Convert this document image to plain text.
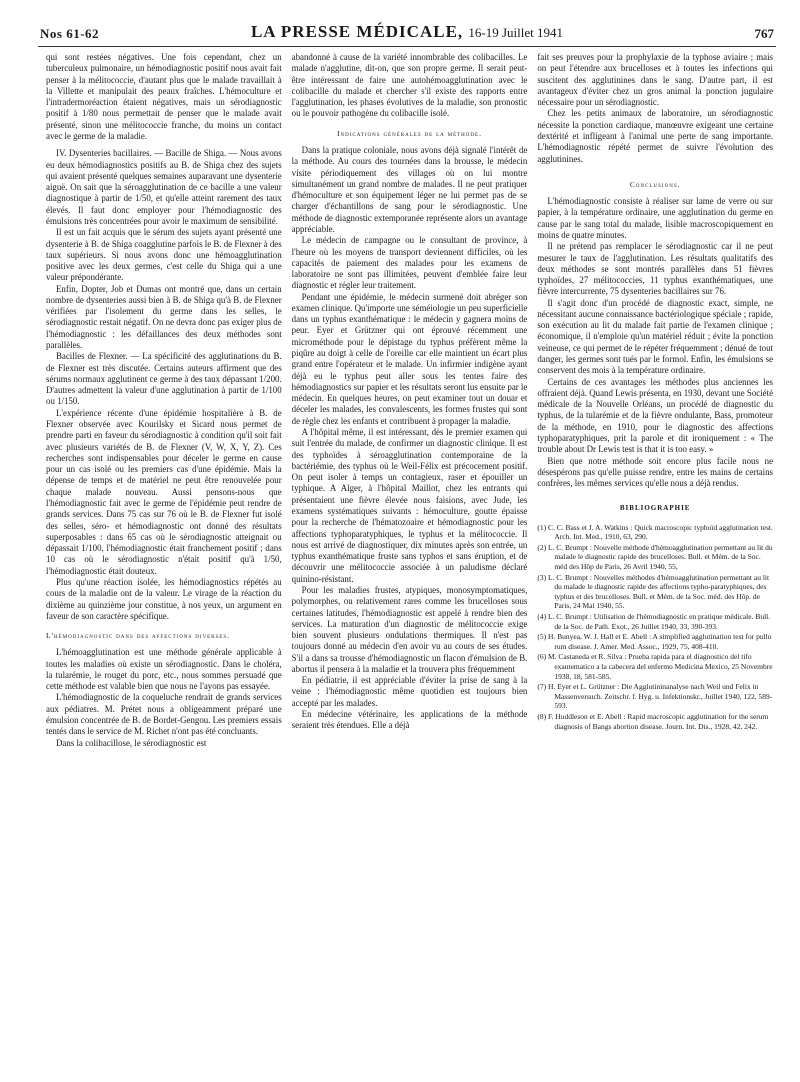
Nos 61-62	LA PRESSE MÉDICALE, 16-19 Juillet 1941	767

qui sont restées négatives. Une fois cependant, chez un tuberculeux pulmonaire, un hémodiagnostic positif nous avait fait penser à la mélitococcie, d'autant plus que le malade travaillait à la Villette et manipulait des peaux fraîches. L'hémoculture et l'intradermoréaction étaient négatives, mais un sérodiagnostic positif à 1/80 nous permettait de penser que le malade avait présenté, sinon une mélitococcie franche, du moins un contact avec le germe de la maladie.

IV. Dysenteries bacillaires. — Bacille de Shiga. — Nous avons eu deux hémodiagnostics positifs au B. de Shiga chez des sujets qui avaient présenté quelques semaines auparavant une dysenterie aiguë. On sait que la séroagglutination de ce bacille a une valeur diagnostique à partir de 1/50, et qu'elle atteint rarement des taux élevés. Il faut donc employer pour l'hémodiagnostic des émulsions très concentrées pour avoir le maximum de sensibilité.

Il est un fait acquis que le sérum des sujets ayant présenté une dysenterie à B. de Shiga coagglutine parfois le B. de Flexner à des taux supérieurs. Si nous avons donc une hémoagglutination positive avec les deux germes, c'est celle du Shiga qui a une valeur prépondérante.

Enfin, Dopter, Job et Dumas ont montré que, dans un certain nombre de dysenteries aussi bien à B. de Shiga qu'à B. de Flexner vérifiées par l'isolement du germe dans les selles, le sérodiagnostic restait négatif. On ne devra donc pas exiger plus de l'hémodiagnostic : les défaillances des deux méthodes sont parallèles.

Bacilles de Flexner. — La spécificité des agglutinations du B. de Flexner est très discutée. Certains auteurs affirment que des sérums normaux agglutinent ce germe à des taux dépassant 1/200. D'autres admettent la valeur d'une agglutination à partir de 1/100 ou 1/150.

L'expérience récente d'une épidémie hospitalière à B. de Flexner observée avec Kourilsky et Sicard nous permet de prendre parti en faveur du sérodiagnostic à condition qu'il soit fait avec plusieurs variétés de B. de Flexner (V, W, X, Y, Z). Ces recherches sont indispensables pour déceler le germe en cause pour un cas isolé ou les premiers cas d'une épidémie. Mais la dépense de temps et de matériel ne peut être renouvelée pour chaque malade nouveau. Aussi pensons-nous que l'hémodiagnostic fait avec le germe de l'épidémie peut rendre de grands services. Dans 75 cas sur 76 où le B. de Flexner fut isolé des selles, séro- et hémodiagnostic ont donné des résultats superposables : dans 65 cas où le sérodiagnostic atteignait ou dépassait 1/100, l'hémodiagnostic était franchement positif ; dans 10 cas où le sérodiagnostic n'était positif qu'à 1/50, l'hémodiagnostic était douteux.

Plus qu'une réaction isolée, les hémodiagnostics répétés au cours de la maladie ont de la valeur. Le virage de la réaction du dixième au quinzième jour constitue, à nos yeux, un argument en faveur de son caractère spécifique.

L'hémodiagnostic dans des affections diverses.

L'hémoagglutination est une méthode générale applicable à toutes les maladies où existe un sérodiagnostic. Dans le choléra, la tularémie, le rouget du porc, etc., nous sommes persuadé que cette méthode est valable bien que nous ne l'ayons pas essayée.

L'hémodiagnostic de la coqueluche rendrait de grands services aux pédiatres. M. Prétet nous a obligeamment préparé une émulsion concentrée de B. de Bordet-Gengou. Les premiers essais tentés dans le service de M. Richet n'ont pas été concluants.

Dans la colibacillose, le sérodiagnostic est

abandonné à cause de la variété innombrable des colibacilles. Le malade n'agglutine, dit-on, que son propre germe. Il serait peut-être intéressant de faire une autohémoagglutination avec le colibacille du malade et chercher s'il existe des rapports entre l'agglutination, les phases évolutives de la maladie, son pronostic ou le pouvoir pathogène du colibacille isolé.

Indications générales de la méthode.

Dans la pratique coloniale, nous avons déjà signalé l'intérêt de la méthode. Au cours des tournées dans la brousse, le médecin visite périodiquement des villages où on lui montre simultanément un grand nombre de malades. Il ne peut pratiquer d'hémoculture et son équipement léger ne lui permet pas de se charger d'échantillons de sang pour le sérodiagnostic. Une méthode de diagnostic extemporanée représente alors un avantage appréciable.

Le médecin de campagne ou le consultant de province, à l'heure où les moyens de transport deviennent difficiles, où les capacités de paiement des malades pour les examens de laboratoire ne sont pas illimitées, peuvent d'emblée faire leur diagnostic et régler leur traitement.

Pendant une épidémie, le médecin surmené doit abréger son examen clinique. Qu'importe une séméiologie un peu superficielle dans un typhus exanthématique : le médecin y gagnera moins de peur. Eyer et Grützner qui ont éprouvé récemment une microméthode pour le dépistage du typhus préfèrent même la piqûre au doigt à celle de l'oreille car elle maintient un écart plus grand entre l'opérateur et le malade. Un infirmier indigène ayant déjà eu le typhus peut aller sous les tentes faire des hémodiagnostics sur papier et les résultats seront lus ensuite par le médecin. En quelques heures, on peut examiner tout un douar et déceler les malades, les convalescents, les formes frustes qui sont de règle chez les enfants et contribuent à propager la maladie.

A l'hôpital même, il est intéressant, dès le premier examen qui suit l'entrée du malade, de confirmer un diagnostic clinique. Il est des typhoïdes à séroagglutination contemporaine de la bactériémie, des typhus où le Weil-Félix est précocement positif. On peut isoler à temps un contagieux, raser et épouiller un typhique. A Alger, à l'hôpital Maillot, chez les entrants qui présentaient une fièvre élevée nous faisions, avec Jude, les examens systématiques suivants : hémoculture, goutte épaisse pour la recherche de l'hématozoaire et hémodiagnostic pour les affections typhoparatyphiques, le typhus et la mélitococcie. Il nous est arrivé de diagnostiquer, dix minutes après son entrée, un typhus exanthématique fruste sans typhos et sans éruption, et de découvrir une mélitococcie associée à un paludisme déclaré quinino-résistant.

Pour les maladies frustes, atypiques, monosymptomatiques, polymorphes, ou relativement rares comme les brucelloses sous certaines latitudes, l'hémodiagnostic est appelé à rendre bien des services. La maturation d'un diagnostic de mélitococcie exige bien souvent plusieurs ondulations thermiques. Il n'est pas toujours donné au médecin d'en avoir vu au cours de ses études. S'il a dans sa trousse d'hémodiagnostic un flacon d'émulsion de B. abortus il pensera à la maladie et la trouvera plus fréquemment

En pédiatrie, il est appréciable d'éviter la prise de sang à la veine : l'hémodiagnostic même quotidien est toujours bien accepté par les malades.

En médecine vétérinaire, les applications de la méthode seraient très étendues. Elle a déjà

fait ses preuves pour la prophylaxie de la typhose aviaire ; mais on peut l'étendre aux brucelloses et à toutes les infections qui suscitent des agglutinines dans le sang. D'autre part, il est avantageux d'éviter chez un gros animal la ponction jugulaire nécessaire pour un sérodiagnostic.

Chez les petits animaux de laboratoire, un sérodiagnostic nécessite la ponction cardiaque, manœuvre exigeant une certaine dextérité et infligeant à l'animal une perte de sang importante. L'hémodiagnostic répété permet de suivre l'évolution des agglutinines.

Conclusions.

L'hémodiagnostic consiste à réaliser sur lame de verre ou sur papier, à la température ordinaire, une agglutination du germe en cause par le sang total du malade, lisible macroscopiquement en moins de quatre minutes.

Il ne prétend pas remplacer le sérodiagnostic car il ne peut mesurer le taux de l'agglutination. Les résultats qualitatifs des deux méthodes se sont montrés parallèles dans 51 fièvres typhoïdes, 27 mélitococcies, 11 typhus exanthématiques, une fièvre intercurrente, 75 dysenteries bacillaires sur 76.

Il s'agit donc d'un procédé de diagnostic exact, simple, ne nécessitant aucune connaissance bactériologique spéciale ; rapide, son exécution au lit du malade fait partie de l'examen clinique ; économique, il n'emploie qu'un matériel réduit ; évite la ponction veineuse, ce qui permet de le répéter fréquemment ; dénué de tout danger, les germes sont tués par le formol. Enfin, les émulsions se conservent des mois à la température ordinaire.

Certains de ces avantages les méthodes plus anciennes les offraient déjà. Quand Lewis présenta, en 1930, devant une Société médicale de la Nouvelle Orléans, un procédé de diagnostic du typhus, de la tularémie et de la fièvre ondulante, Bass, promoteur de la méthode, en 1910, pour le diagnostic des affections typhoparatyphiques, prit la parole et dit ironiquement : « The trouble about Dr Lewis test is that it is too easy. »

Bien que notre méthode soit encore plus facile nous ne désespérons pas qu'elle puisse rendre, entre les mains de certains confrères, les mêmes services qu'elle nous a déjà rendus.

BIBLIOGRAPHIE
(1) C. C. Bass et J. A. Watkins : Quick macroscopic typhoïd agglutination test. Arch. Int. Med., 1910, 63, 290.
(2) L. C. Brumpt : Nouvelle méthode d'hémoagglutination permettant au lit du malade le diagnostic rapide des brucelloses. Bull. et Mém. de la Soc. méd des Hôp de Paris, 26 Avril 1940, 55,
(3) L. C. Brumpt : Nouvelles méthodes d'hémoagglutination permettant au lit du malade le diagnostic rapide des affections typho-paratyphiques, des typhus et des brucelloses. Bull. et Mém. de la Soc. méd. des Hôp. de Paris, 24 Mai 1940, 55.
(4) L. C. Brumpt : Utilisation de l'hémodiagnostic en pratique médicale. Bull. de la Soc. de Path. Exot., 26 Juillet 1940, 33, 390-393.
(5) H. Bunyea, W. J. Hall et E. Abell : A simplified agglutination test for pullo rum disease. J. Amer. Med. Assoc., 1929, 75, 408-410.
(6) M. Castaneda et R. Silva : Prueba rapida para el diagnostico del tifo exantematico a la cabecera del enfermo Medicina Mexico, 25 Novembre 1938, 18, 581-585.
(7) H. Eyer et L. Grützner : Die Agglutininanalyse nach Weil und Felix in Massenversuch. Zeitschr. f. Hyg. u. Infektionskr., Juillet 1940, 122, 589-593.
(8) F. Huddleson et E. Abell : Rapid macroscopic agglutination for the serum diagnosis of Bangs abortion disease. Journ. Int. Dis., 1928, 42, 242.
